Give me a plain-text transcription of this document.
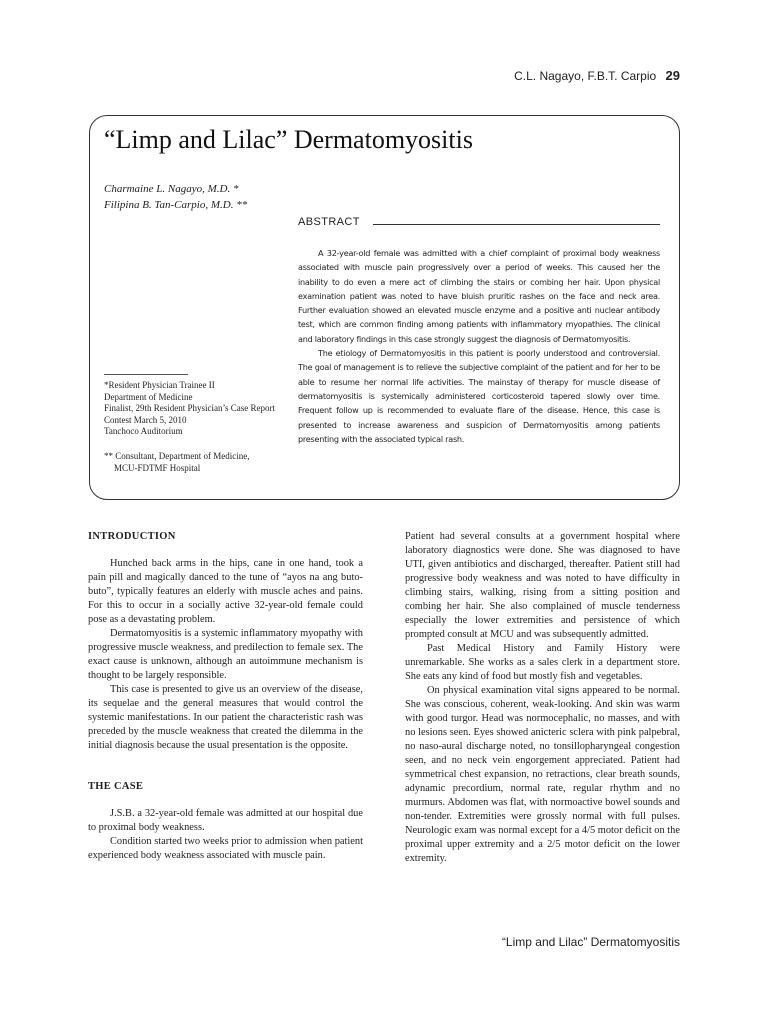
C.L. Nagayo, F.B.T. Carpio 29
“Limp and Lilac” Dermatomyositis
Charmaine L. Nagayo, M.D. *
Filipina B. Tan-Carpio, M.D. **
ABSTRACT

A 32-year-old female was admitted with a chief complaint of proximal body weakness associated with muscle pain progressively over a period of weeks. This caused her the inability to do even a mere act of climbing the stairs or combing her hair. Upon physical examination patient was noted to have bluish pruritic rashes on the face and neck area. Further evaluation showed an elevated muscle enzyme and a positive anti nuclear antibody test, which are common finding among patients with inflammatory myopathies. The clinical and laboratory findings in this case strongly suggest the diagnosis of Dermatomyositis.

The etiology of Dermatomyositis in this patient is poorly understood and controversial. The goal of management is to relieve the subjective complaint of the patient and for her to be able to resume her normal life activities. The mainstay of therapy for muscle disease of dermatomyositis is systemically administered corticosteroid tapered slowly over time. Frequent follow up is recommended to evaluate flare of the disease. Hence, this case is presented to increase awareness and suspicion of Dermatomyositis among patients presenting with the associated typical rash.

*Resident Physician Trainee II
Department of Medicine
Finalist, 29th Resident Physician’s Case Report
Contest March 5, 2010
Tanchoco Auditorium
** Consultant, Department of Medicine,
MCU-FDTMF Hospital
INTRODUCTION

Hunched back arms in the hips, cane in one hand, took a pain pill and magically danced to the tune of “ayos na ang buto-buto”, typically features an elderly with muscle aches and pains. For this to occur in a socially active 32-year-old female could pose as a devastating problem.

Dermatomyositis is a systemic inflammatory myopathy with progressive muscle weakness, and predilection to female sex. The exact cause is unknown, although an autoimmune mechanism is thought to be largely responsible.

This case is presented to give us an overview of the disease, its sequelae and the general measures that would control the systemic manifestations. In our patient the characteristic rash was preceded by the muscle weakness that created the dilemma in the initial diagnosis because the usual presentation is the opposite.

THE CASE

J.S.B. a 32-year-old female was admitted at our hospital due to proximal body weakness.

Condition started two weeks prior to admission when patient experienced body weakness associated with muscle pain.

Patient had several consults at a government hospital where laboratory diagnostics were done. She was diagnosed to have UTI, given antibiotics and discharged, thereafter. Patient still had progressive body weakness and was noted to have difficulty in climbing stairs, walking, rising from a sitting position and combing her hair. She also complained of muscle tenderness especially the lower extremities and persistence of which prompted consult at MCU and was subsequently admitted.

Past Medical History and Family History were unremarkable. She works as a sales clerk in a department store. She eats any kind of food but mostly fish and vegetables.

On physical examination vital signs appeared to be normal. She was conscious, coherent, weak-looking. And skin was warm with good turgor. Head was normocephalic, no masses, and with no lesions seen. Eyes showed anicteric sclera with pink palpebral, no naso-aural discharge noted, no tonsillopharyngeal congestion seen, and no neck vein engorgement appreciated. Patient had symmetrical chest expansion, no retractions, clear breath sounds, adynamic precordium, normal rate, regular rhythm and no murmurs. Abdomen was flat, with normoactive bowel sounds and non-tender. Extremities were grossly normal with full pulses. Neurologic exam was normal except for a 4/5 motor deficit on the proximal upper extremity and a 2/5 motor deficit on the lower extremity.

“Limp and Lilac” Dermatomyositis
